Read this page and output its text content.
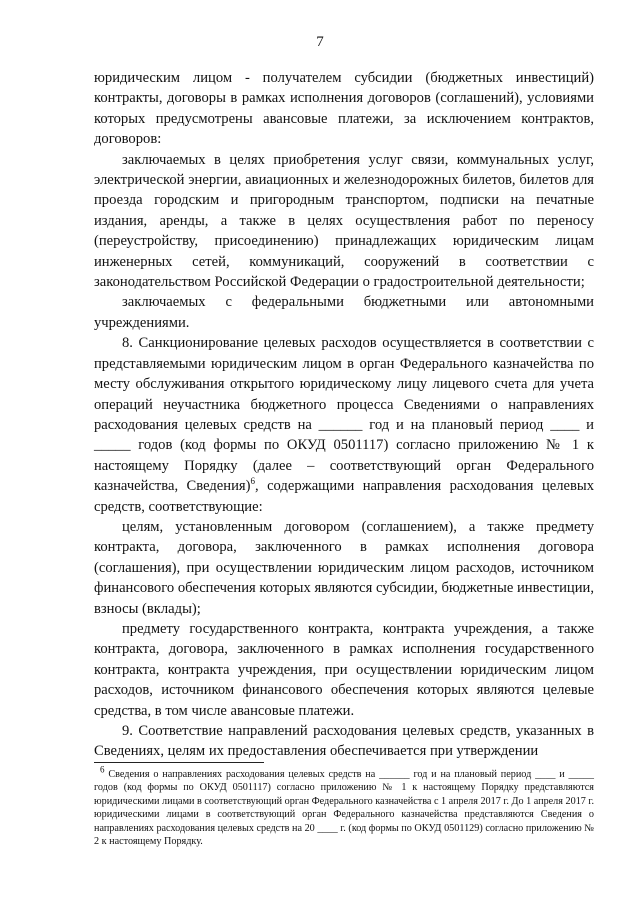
7

юридическим лицом - получателем субсидии (бюджетных инвестиций) контракты, договоры в рамках исполнения договоров (соглашений), условиями которых предусмотрены авансовые платежи, за исключением контрактов, договоров:

заключаемых в целях приобретения услуг связи, коммунальных услуг, электрической энергии, авиационных и железнодорожных билетов, билетов для проезда городским и пригородным транспортом, подписки на печатные издания, аренды, а также в целях осуществления работ по переносу (переустройству, присоединению) принадлежащих юридическим лицам инженерных сетей, коммуникаций, сооружений в соответствии с законодательством Российской Федерации о градостроительной деятельности;

заключаемых с федеральными бюджетными или автономными учреждениями.

8. Санкционирование целевых расходов осуществляется в соответствии с представляемыми юридическим лицом в орган Федерального казначейства по месту обслуживания открытого юридическому лицу лицевого счета для учета операций неучастника бюджетного процесса Сведениями о направлениях расходования целевых средств на ______ год и на плановый период ____ и _____ годов (код формы по ОКУД 0501117) согласно приложению № 1 к настоящему Порядку (далее – соответствующий орган Федерального казначейства, Сведения)$^6$, содержащими направления расходования целевых средств, соответствующие:

целям, установленным договором (соглашением), а также предмету контракта, договора, заключенного в рамках исполнения договора (соглашения), при осуществлении юридическим лицом расходов, источником финансового обеспечения которых являются субсидии, бюджетные инвестиции, взносы (вклады);

предмету государственного контракта, контракта учреждения, а также контракта, договора, заключенного в рамках исполнения государственного контракта, контракта учреждения, при осуществлении юридическим лицом расходов, источником финансового обеспечения которых являются целевые средства, в том числе авансовые платежи.

9. Соответствие направлений расходования целевых средств, указанных в Сведениях, целям их предоставления обеспечивается при утверждении

$^6$ Сведения о направлениях расходования целевых средств на ______ год и на плановый период ____ и _____ годов (код формы по ОКУД 0501117) согласно приложению № 1 к настоящему Порядку представляются юридическими лицами в соответствующий орган Федерального казначейства с 1 апреля 2017 г. До 1 апреля 2017 г. юридическими лицами в соответствующий орган Федерального казначейства представляются Сведения о направлениях расходования целевых средств на 20 ____ г. (код формы по ОКУД 0501129) согласно приложению № 2 к настоящему Порядку.
